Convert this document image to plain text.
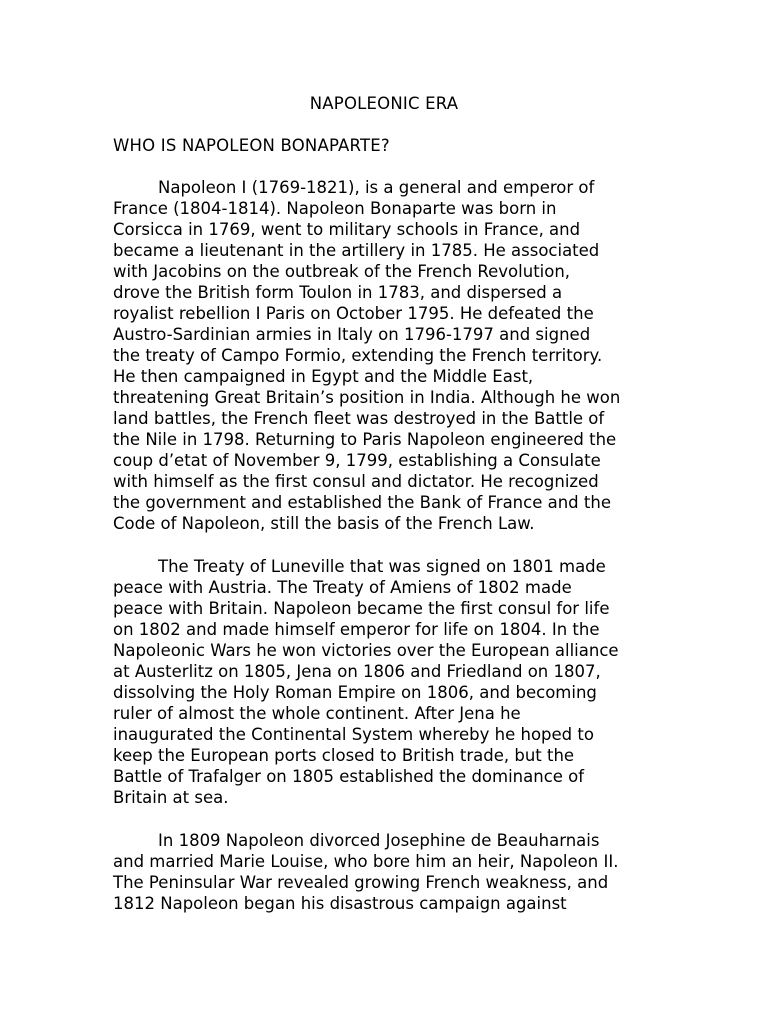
NAPOLEONIC ERA
WHO IS NAPOLEON BONAPARTE?
Napoleon I (1769-1821), is a general and emperor of
France (1804-1814). Napoleon Bonaparte was born in
Corsicca in 1769, went to military schools in France, and
became a lieutenant in the artillery in 1785. He associated
with Jacobins on the outbreak of the French Revolution,
drove the British form Toulon in 1783, and dispersed a
royalist rebellion I Paris on October 1795. He defeated the
Austro-Sardinian armies in Italy on 1796-1797 and signed
the treaty of Campo Formio, extending the French territory.
He then campaigned in Egypt and the Middle East,
threatening Great Britain’s position in India. Although he won
land battles, the French fleet was destroyed in the Battle of
the Nile in 1798. Returning to Paris Napoleon engineered the
coup d’etat of November 9, 1799, establishing a Consulate
with himself as the first consul and dictator. He recognized
the government and established the Bank of France and the
Code of Napoleon, still the basis of the French Law.
The Treaty of Luneville that was signed on 1801 made
peace with Austria. The Treaty of Amiens of 1802 made
peace with Britain. Napoleon became the first consul for life
on 1802 and made himself emperor for life on 1804. In the
Napoleonic Wars he won victories over the European alliance
at Austerlitz on 1805, Jena on 1806 and Friedland on 1807,
dissolving the Holy Roman Empire on 1806, and becoming
ruler of almost the whole continent. After Jena he
inaugurated the Continental System whereby he hoped to
keep the European ports closed to British trade, but the
Battle of Trafalger on 1805 established the dominance of
Britain at sea.
In 1809 Napoleon divorced Josephine de Beauharnais
and married Marie Louise, who bore him an heir, Napoleon II.
The Peninsular War revealed growing French weakness, and
1812 Napoleon began his disastrous campaign against
